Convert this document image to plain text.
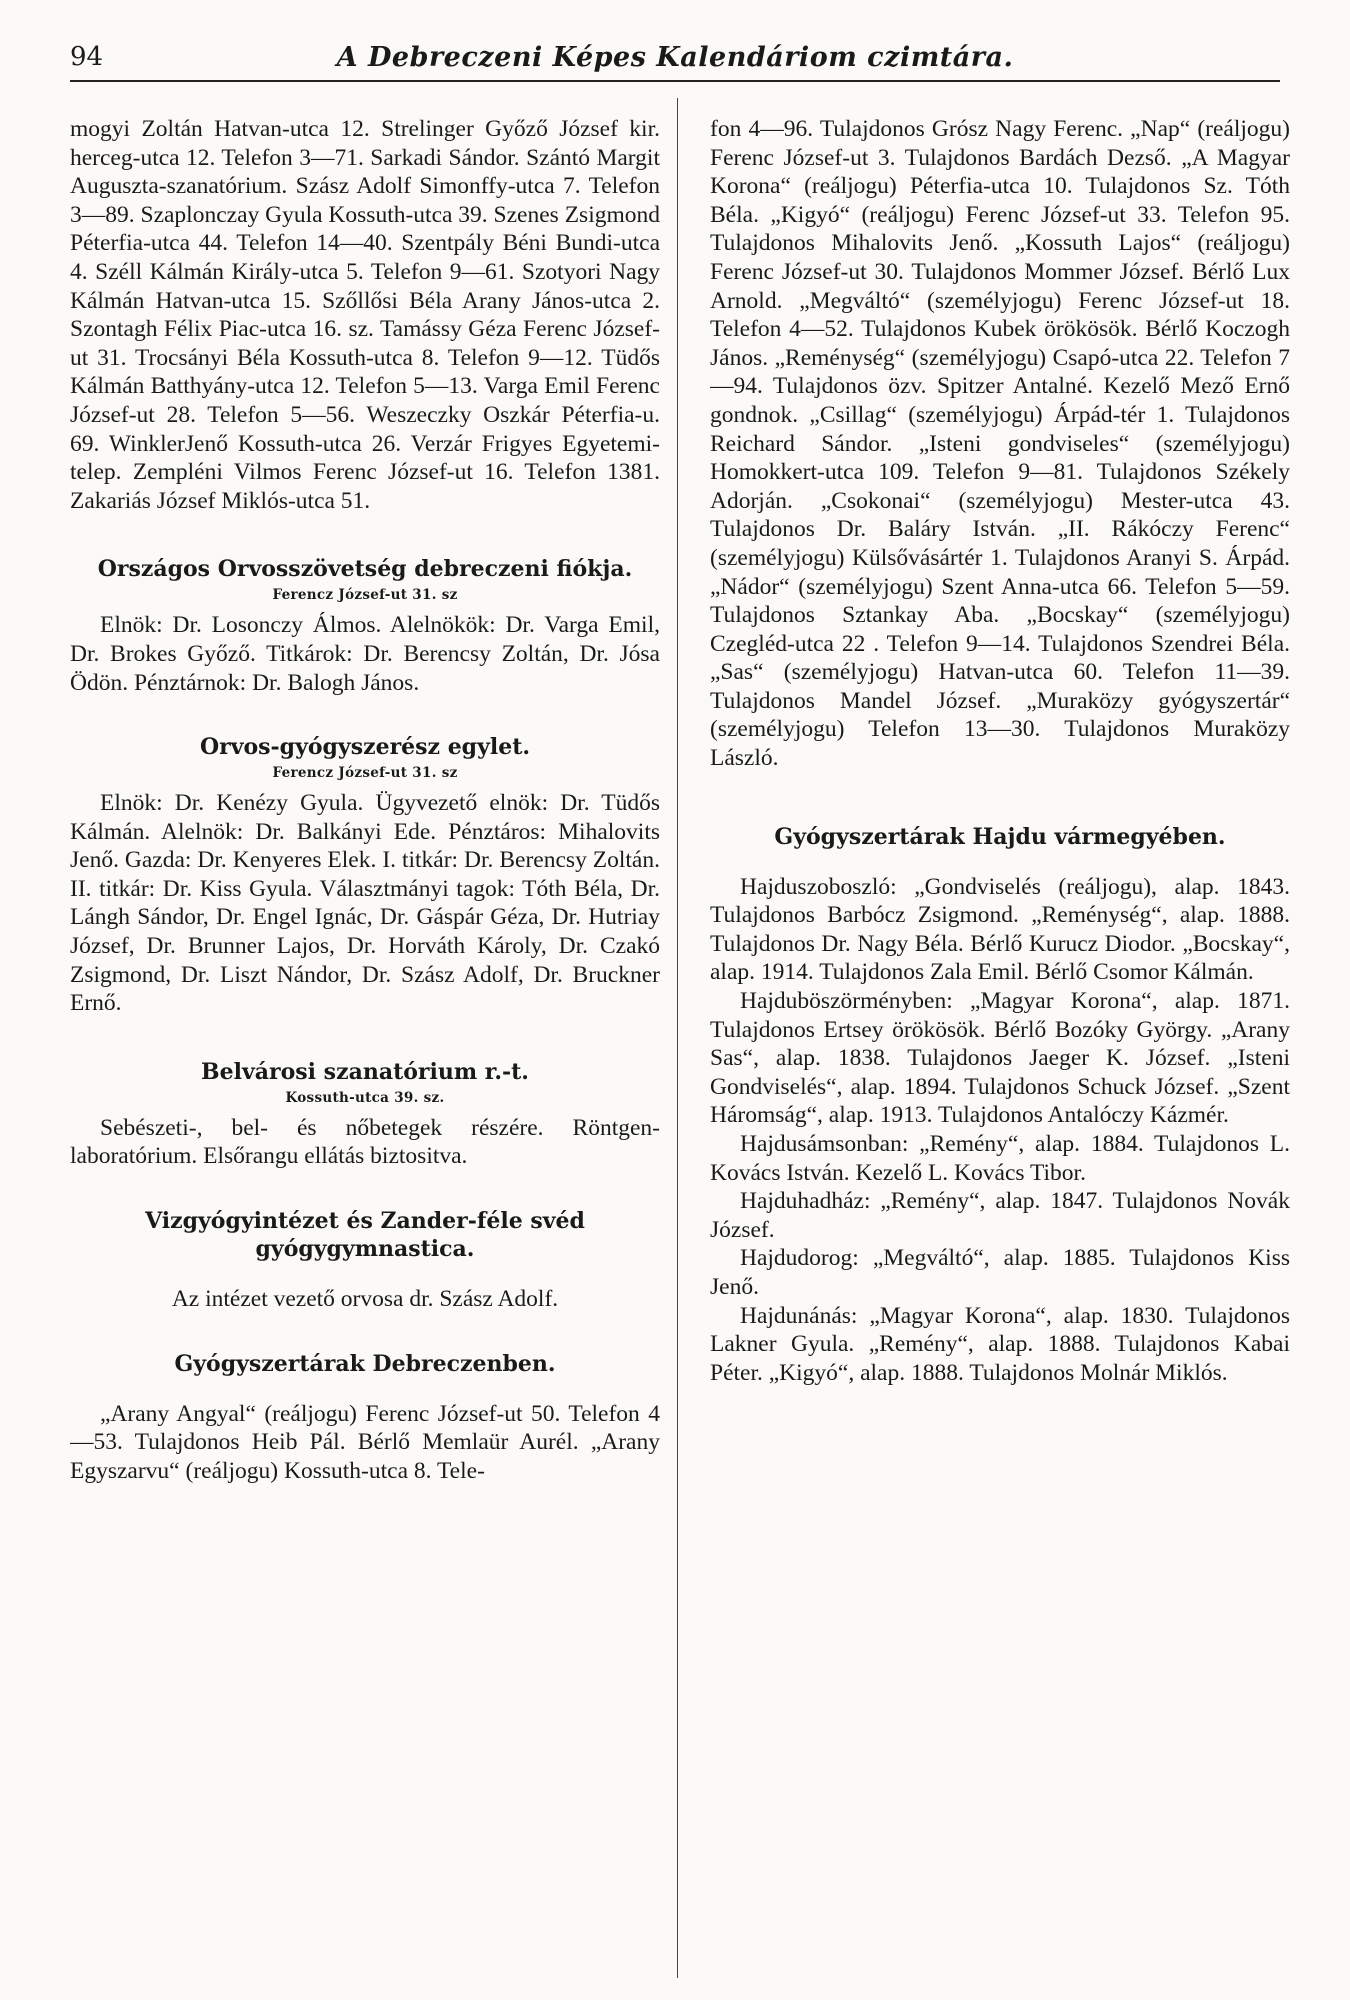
94	A Debreczeni Képes Kalendáriom czimtára.

mogyi Zoltán Hatvan-utca 12. Strelinger Győző József kir. herceg-utca 12. Telefon 3—71. Sarkadi Sándor. Szántó Margit Auguszta-szanatórium. Szász Adolf Simonffy-utca 7. Telefon 3—89. Szaplonczay Gyula Kossuth-utca 39. Szenes Zsigmond Péterfia-utca 44. Telefon 14—40. Szentpály Béni Bundi-utca 4. Széll Kálmán Király-utca 5. Telefon 9—61. Szotyori Nagy Kálmán Hatvan-utca 15. Szőllősi Béla Arany János-utca 2. Szontagh Félix Piac-utca 16. sz. Tamássy Géza Ferenc József-ut 31. Trocsányi Béla Kossuth-utca 8. Telefon 9—12. Tüdős Kálmán Batthyány-utca 12. Telefon 5—13. Varga Emil Ferenc József-ut 28. Telefon 5—56. Weszeczky Oszkár Péterfia-u. 69. WinklerJenő Kossuth-utca 26. Verzár Frigyes Egyetemi-telep. Zempléni Vilmos Ferenc József-ut 16. Telefon 1381. Zakariás József Miklós-utca 51.

Országos Orvosszövetség debreczeni fiókja.

Ferencz József-ut 31. sz

Elnök: Dr. Losonczy Álmos. Alelnökök: Dr. Varga Emil, Dr. Brokes Győző. Titkárok: Dr. Berencsy Zoltán, Dr. Jósa Ödön. Pénztárnok: Dr. Balogh János.

Orvos-gyógyszerész egylet.

Ferencz József-ut 31. sz

Elnök: Dr. Kenézy Gyula. Ügyvezető elnök: Dr. Tüdős Kálmán. Alelnök: Dr. Balkányi Ede. Pénztáros: Mihalovits Jenő. Gazda: Dr. Kenyeres Elek. I. titkár: Dr. Berencsy Zoltán. II. titkár: Dr. Kiss Gyula. Választmányi tagok: Tóth Béla, Dr. Lángh Sándor, Dr. Engel Ignác, Dr. Gáspár Géza, Dr. Hutriay József, Dr. Brunner Lajos, Dr. Horváth Károly, Dr. Czakó Zsigmond, Dr. Liszt Nándor, Dr. Szász Adolf, Dr. Bruckner Ernő.

Belvárosi szanatórium r.-t.

Kossuth-utca 39. sz.

Sebészeti-, bel- és nőbetegek részére. Röntgen-laboratórium. Elsőrangu ellátás biztositva.

Vizgyógyintézet és Zander-féle svéd gyógygymnastica.

Az intézet vezető orvosa dr. Szász Adolf.

Gyógyszertárak Debreczenben.

„Arany Angyal“ (reáljogu) Ferenc József-ut 50. Telefon 4—53. Tulajdonos Heib Pál. Bérlő Memlaür Aurél. „Arany Egyszarvu“ (reáljogu) Kossuth-utca 8. Tele-

fon 4—96. Tulajdonos Grósz Nagy Ferenc. „Nap“ (reáljogu) Ferenc József-ut 3. Tulajdonos Bardách Dezső. „A Magyar Korona“ (reáljogu) Péterfia-utca 10. Tulajdonos Sz. Tóth Béla. „Kigyó“ (reáljogu) Ferenc József-ut 33. Telefon 95. Tulajdonos Mihalovits Jenő. „Kossuth Lajos“ (reáljogu) Ferenc József-ut 30. Tulajdonos Mommer József. Bérlő Lux Arnold. „Megváltó“ (személyjogu) Ferenc József-ut 18. Telefon 4—52. Tulajdonos Kubek örökösök. Bérlő Koczogh János. „Reménység“ (személyjogu) Csapó-utca 22. Telefon 7—94. Tulajdonos özv. Spitzer Antalné. Kezelő Mező Ernő gondnok. „Csillag“ (személyjogu) Árpád-tér 1. Tulajdonos Reichard Sándor. „Isteni gondviseles“ (személyjogu) Homokkert-utca 109. Telefon 9—81. Tulajdonos Székely Adorján. „Csokonai“ (személyjogu) Mester-utca 43. Tulajdonos Dr. Baláry István. „II. Rákóczy Ferenc“ (személyjogu) Külsővásártér 1. Tulajdonos Aranyi S. Árpád. „Nádor“ (személyjogu) Szent Anna-utca 66. Telefon 5—59. Tulajdonos Sztankay Aba. „Bocskay“ (személyjogu) Czegléd-utca 22 . Telefon 9—14. Tulajdonos Szendrei Béla. „Sas“ (személyjogu) Hatvan-utca 60. Telefon 11—39. Tulajdonos Mandel József. „Muraközy gyógyszertár“ (személyjogu) Telefon 13—30. Tulajdonos Muraközy László.

Gyógyszertárak Hajdu vármegyében.

Hajduszoboszló: „Gondviselés (reáljogu), alap. 1843. Tulajdonos Barbócz Zsigmond. „Reménység“, alap. 1888. Tulajdonos Dr. Nagy Béla. Bérlő Kurucz Diodor. „Bocskay“, alap. 1914. Tulajdonos Zala Emil. Bérlő Csomor Kálmán.

Hajduböszörményben: „Magyar Korona“, alap. 1871. Tulajdonos Ertsey örökösök. Bérlő Bozóky György. „Arany Sas“, alap. 1838. Tulajdonos Jaeger K. József. „Isteni Gondviselés“, alap. 1894. Tulajdonos Schuck József. „Szent Háromság“, alap. 1913. Tulajdonos Antalóczy Kázmér.

Hajdusámsonban: „Remény“, alap. 1884. Tulajdonos L. Kovács István. Kezelő L. Kovács Tibor.

Hajduhadház: „Remény“, alap. 1847. Tulajdonos Novák József.

Hajdudorog: „Megváltó“, alap. 1885. Tulajdonos Kiss Jenő.

Hajdunánás: „Magyar Korona“, alap. 1830. Tulajdonos Lakner Gyula. „Remény“, alap. 1888. Tulajdonos Kabai Péter. „Kigyó“, alap. 1888. Tulajdonos Molnár Miklós.
